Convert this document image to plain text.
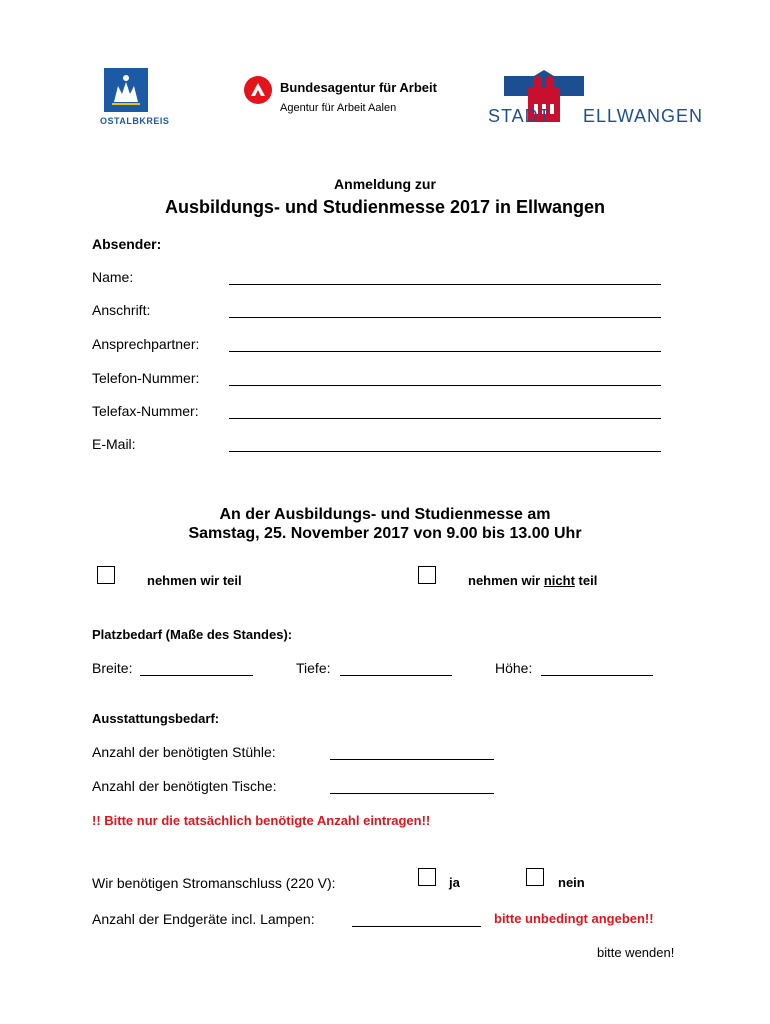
OSTALBKREIS
Bundesagentur für Arbeit
Agentur für Arbeit Aalen	STADT ELLWANGEN
Anmeldung zur
Ausbildungs- und Studienmesse 2017 in Ellwangen
Absender:
Name:
Anschrift:
Ansprechpartner:
Telefon-Nummer:
Telefax-Nummer:
E-Mail:
An der Ausbildungs- und Studienmesse am
Samstag, 25. November 2017 von 9.00 bis 13.00 Uhr
nehmen wir teil	nehmen wir nicht teil
Platzbedarf (Maße des Standes):
Breite:	Tiefe:	Höhe:
Ausstattungsbedarf:
Anzahl der benötigten Stühle:
Anzahl der benötigten Tische:
!! Bitte nur die tatsächlich benötigte Anzahl eintragen!!
Wir benötigen Stromanschluss (220 V):	ja	nein
Anzahl der Endgeräte incl. Lampen:	bitte unbedingt angeben!!
bitte wenden!
